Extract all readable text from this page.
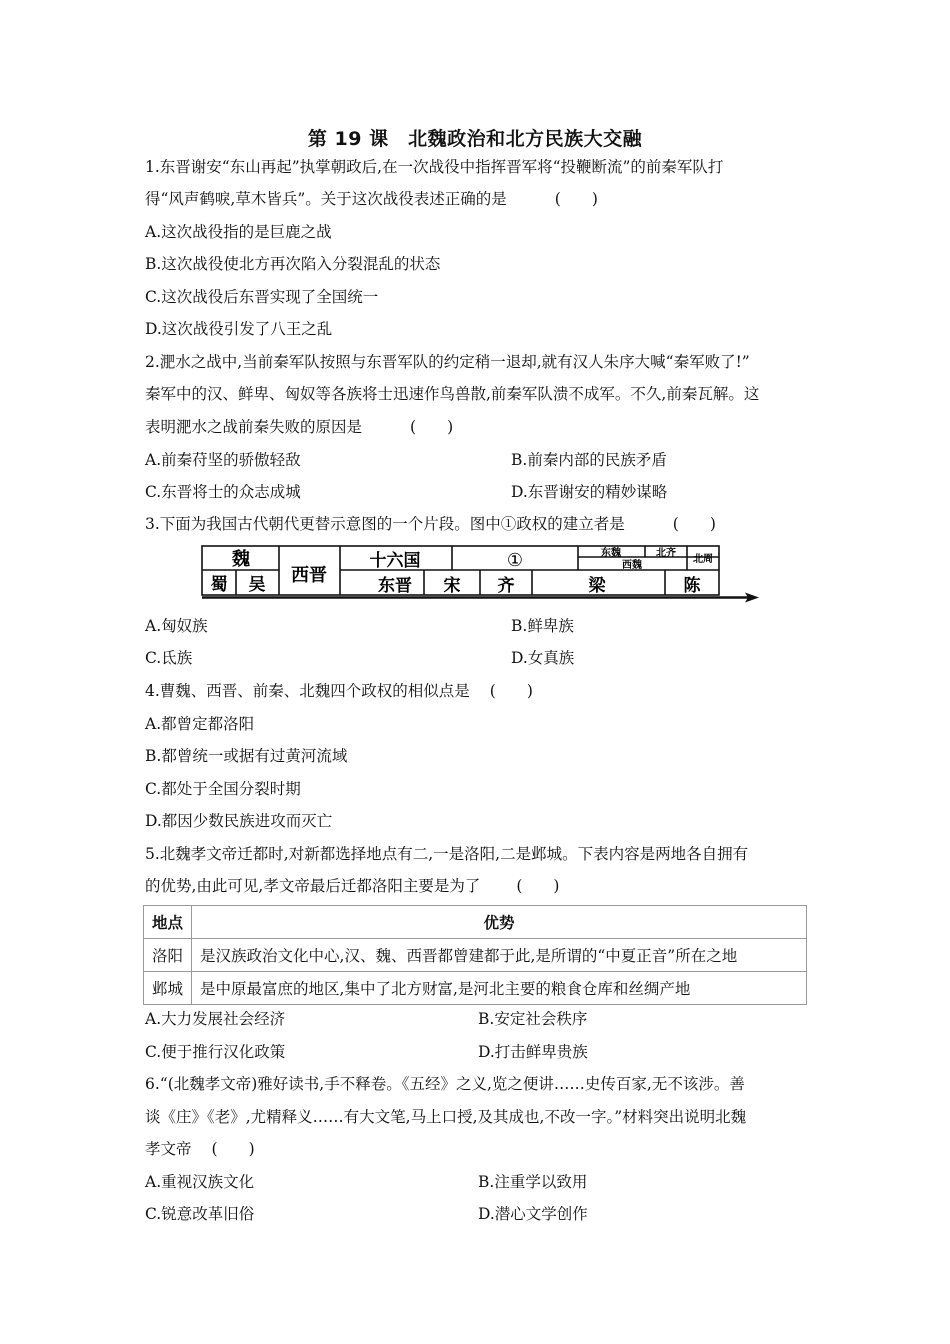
第 19 课　北魏政治和北方民族大交融
1.东晋谢安“东山再起”执掌朝政后,在一次战役中指挥晋军将“投鞭断流”的前秦军队打
得“风声鹤唳,草木皆兵”。关于这次战役表述正确的是	(　　)
A.这次战役指的是巨鹿之战
B.这次战役使北方再次陷入分裂混乱的状态
C.这次战役后东晋实现了全国统一
D.这次战役引发了八王之乱
2.淝水之战中,当前秦军队按照与东晋军队的约定稍一退却,就有汉人朱序大喊“秦军败了!”
秦军中的汉、鲜卑、匈奴等各族将士迅速作鸟兽散,前秦军队溃不成军。不久,前秦瓦解。这
表明淝水之战前秦失败的原因是	(　　)
A.前秦苻坚的骄傲轻敌	B.前秦内部的民族矛盾
C.东晋将士的众志成城	D.东晋谢安的精妙谋略
3.下面为我国古代朝代更替示意图的一个片段。图中①政权的建立者是	(　　)
魏
蜀 吴 西晋
十六国	①	东魏	北齐
西魏
北周
东晋 宋 齐	梁	陈
A.匈奴族	B.鲜卑族
C.氐族	D.女真族
4.曹魏、西晋、前秦、北魏四个政权的相似点是 (　　)
A.都曾定都洛阳
B.都曾统一或据有过黄河流域
C.都处于全国分裂时期
D.都因少数民族进攻而灭亡
5.北魏孝文帝迁都时,对新都选择地点有二,一是洛阳,二是邺城。下表内容是两地各自拥有
的优势,由此可见,孝文帝最后迁都洛阳主要是为了 (　　)
地点	优势
洛阳	是汉族政治文化中心,汉、魏、西晋都曾建都于此,是所谓的“中夏正音”所在之地
邺城	是中原最富庶的地区,集中了北方财富,是河北主要的粮食仓库和丝绸产地
A.大力发展社会经济	B.安定社会秩序
C.便于推行汉化政策	D.打击鲜卑贵族
6.“(北魏孝文帝)雅好读书,手不释卷。《五经》之义,览之便讲……史传百家,无不该涉。善
谈《庄》《老》,尤精释义……有大文笔,马上口授,及其成也,不改一字。”材料突出说明北魏
孝文帝 (　　)
A.重视汉族文化	B.注重学以致用
C.锐意改革旧俗	D.潜心文学创作
